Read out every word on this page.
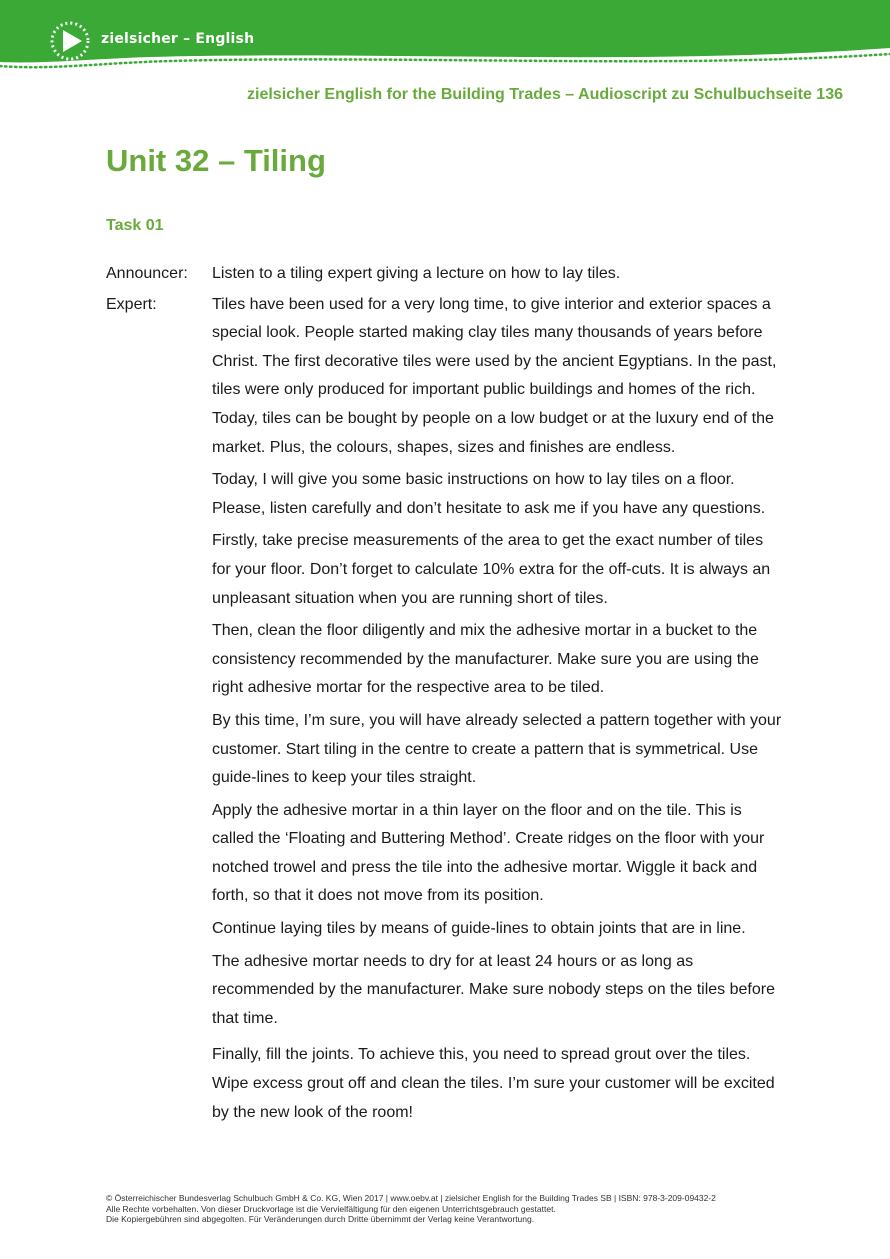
zielsicher – English
zielsicher English for the Building Trades – Audioscript zu Schulbuchseite 136
Unit 32 – Tiling
Task 01
Announcer: Listen to a tiling expert giving a lecture on how to lay tiles.

Expert:	Tiles have been used for a very long time, to give interior and exterior spaces a special look. People started making clay tiles many thousands of years before Christ. The first decorative tiles were used by the ancient Egyptians. In the past, tiles were only produced for important public buildings and homes of the rich. Today, tiles can be bought by people on a low budget or at the luxury end of the market. Plus, the colours, shapes, sizes and finishes are endless.

Today, I will give you some basic instructions on how to lay tiles on a floor. Please, listen carefully and don’t hesitate to ask me if you have any questions.

Firstly, take precise measurements of the area to get the exact number of tiles for your floor. Don’t forget to calculate 10% extra for the off-cuts. It is always an unpleasant situation when you are running short of tiles.

Then, clean the floor diligently and mix the adhesive mortar in a bucket to the consistency recommended by the manufacturer. Make sure you are using the right adhesive mortar for the respective area to be tiled.

By this time, I’m sure, you will have already selected a pattern together with your customer. Start tiling in the centre to create a pattern that is symmetrical. Use guide-lines to keep your tiles straight.

Apply the adhesive mortar in a thin layer on the floor and on the tile. This is called the ‘Floating and Buttering Method’. Create ridges on the floor with your notched trowel and press the tile into the adhesive mortar. Wiggle it back and forth, so that it does not move from its position.

Continue laying tiles by means of guide-lines to obtain joints that are in line.

The adhesive mortar needs to dry for at least 24 hours or as long as recommended by the manufacturer. Make sure nobody steps on the tiles before that time.

Finally, fill the joints. To achieve this, you need to spread grout over the tiles. Wipe excess grout off and clean the tiles. I’m sure your customer will be excited by the new look of the room!

© Österreichischer Bundesverlag Schulbuch GmbH & Co. KG, Wien 2017 | www.oebv.at | zielsicher English for the Building Trades SB | ISBN: 978-3-209-09432-2
Alle Rechte vorbehalten. Von dieser Druckvorlage ist die Vervielfältigung für den eigenen Unterrichtsgebrauch gestattet.
Die Kopiergebühren sind abgegolten. Für Veränderungen durch Dritte übernimmt der Verlag keine Verantwortung.
